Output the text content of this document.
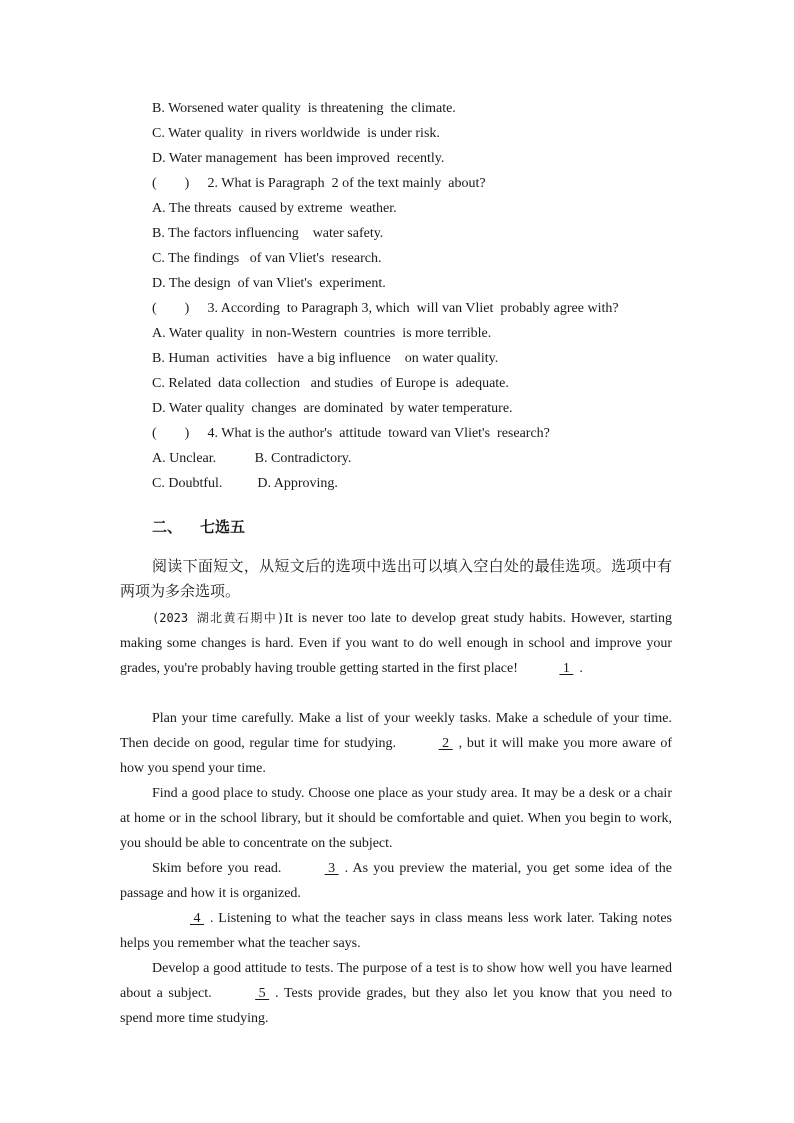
B. Worsened water quality  is threatening  the climate.
C. Water quality  in rivers worldwide  is under risk.
D. Water management  has been improved  recently.
(        ) 2. What is Paragraph  2 of the text mainly  about?
A. The threats  caused by extreme  weather.
B. The factors influencing    water safety.
C. The findings   of van Vliet's  research.
D. The design  of van Vliet's  experiment.
(        ) 3. According  to Paragraph 3, which  will van Vliet  probably agree with?
A. Water quality  in non-Western  countries  is more terrible.
B. Human  activities   have a big influence    on water quality.
C. Related  data collection   and studies  of Europe is  adequate.
D. Water quality  changes  are dominated  by water temperature.
(        ) 4. What is the author's  attitude  toward van Vliet's  research?
A. Unclear.           B. Contradictory.
C. Doubtful.          D. Approving.
二、 七选五

阅读下面短文，从短文后的选项中选出可以填入空白处的最佳选项。选项中有两项为多余选项。

(2023 湖北黄石期中)It is never too late to develop great study habits. However, starting making some changes is hard. Even if you want to do well enough in school and improve your grades, you're probably having trouble getting started in the first place!	1 .

Plan your time carefully. Make a list of your weekly tasks. Make a schedule of your time. Then decide on good, regular time for studying.	2 , but it will make you more aware of how you spend your time.

Find a good place to study. Choose one place as your study area. It may be a desk or a chair at home or in the school library, but it should be comfortable and quiet. When you begin to work, you should be able to concentrate on the subject.

Skim before you read.	3 . As you preview the material, you get some idea of the passage and how it is organized.

4 . Listening to what the teacher says in class means less work later. Taking notes helps you remember what the teacher says.

Develop a good attitude to tests. The purpose of a test is to show how well you have learned about a subject.	5 . Tests provide grades, but they also let you know that you need to spend more time studying.
